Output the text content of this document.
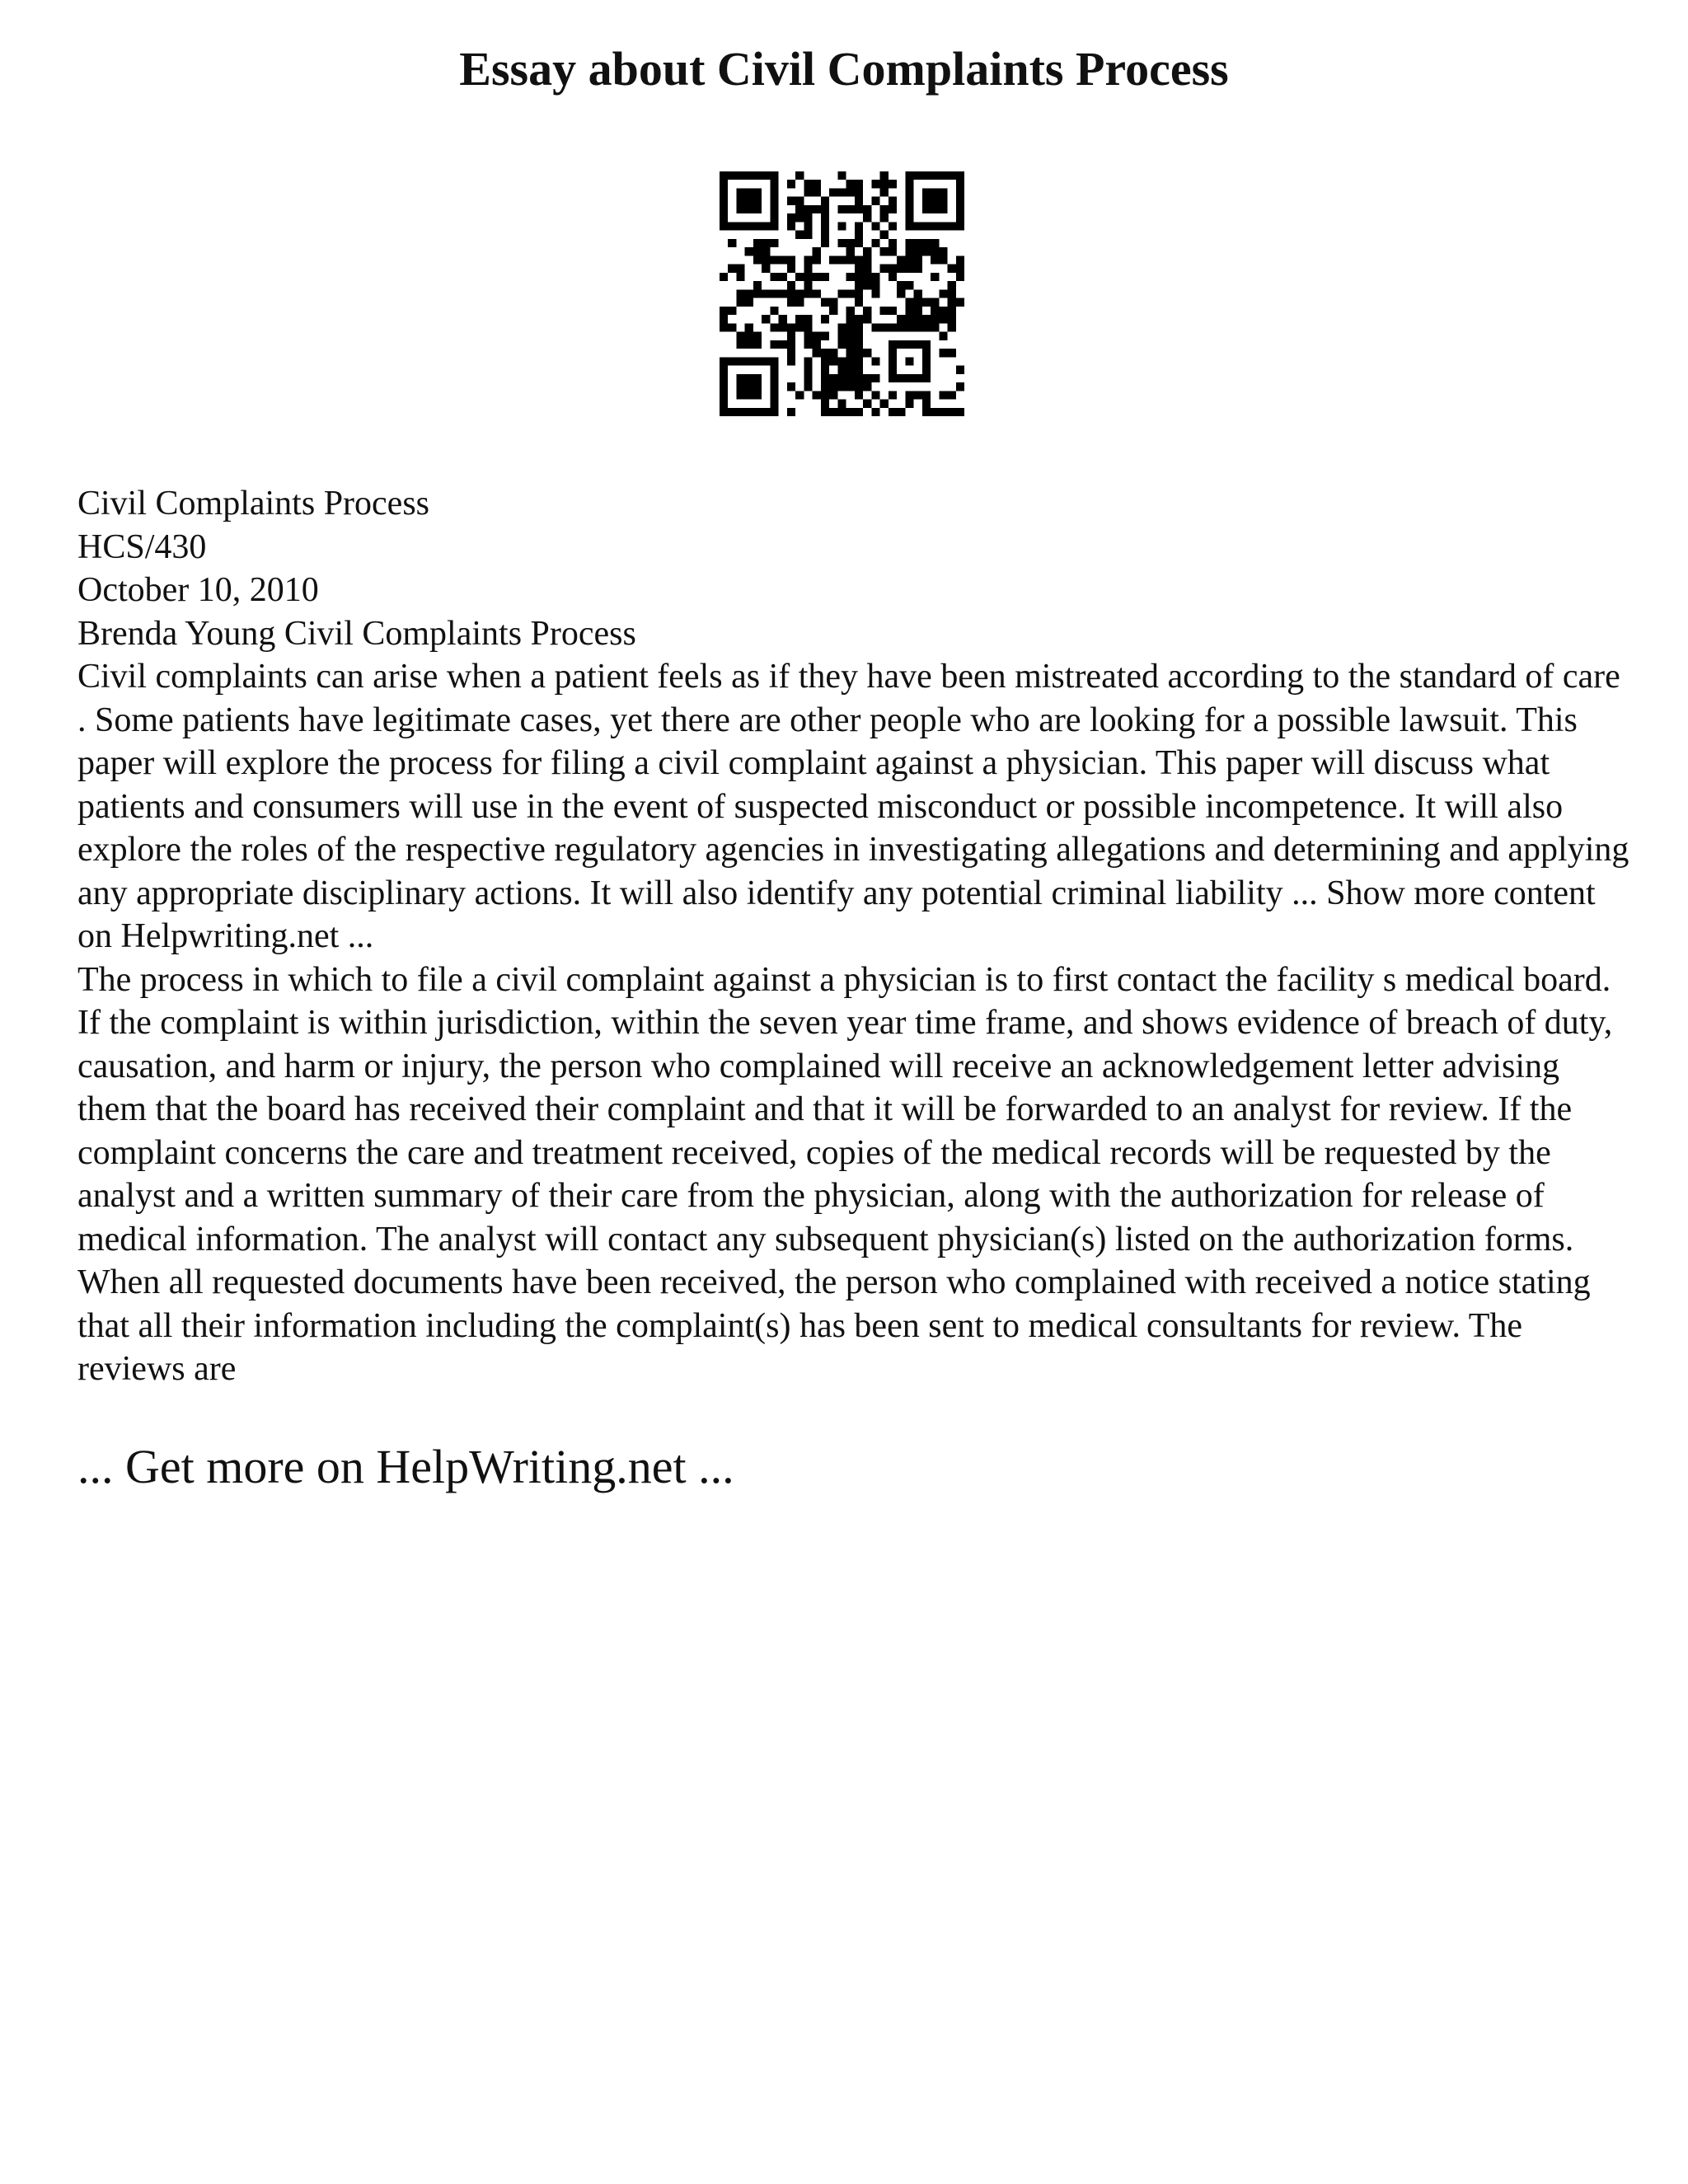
Essay about Civil Complaints Process
Civil Complaints Process
HCS/430
October 10, 2010
Brenda Young Civil Complaints Process

Civil complaints can arise when a patient feels as if they have been mistreated according to the standard of care . Some patients have legitimate cases, yet there are other people who are looking for a possible lawsuit. This paper will explore the process for filing a civil complaint against a physician. This paper will discuss what patients and consumers will use in the event of suspected misconduct or possible incompetence. It will also explore the roles of the respective regulatory agencies in investigating allegations and determining and applying any appropriate disciplinary actions. It will also identify any potential criminal liability ... Show more content on Helpwriting.net ...

The process in which to file a civil complaint against a physician is to first contact the facility s medical board. If the complaint is within jurisdiction, within the seven year time frame, and shows evidence of breach of duty, causation, and harm or injury, the person who complained will receive an acknowledgement letter advising them that the board has received their complaint and that it will be forwarded to an analyst for review. If the complaint concerns the care and treatment received, copies of the medical records will be requested by the analyst and a written summary of their care from the physician, along with the authorization for release of medical information. The analyst will contact any subsequent physician(s) listed on the authorization forms. When all requested documents have been received, the person who complained with received a notice stating that all their information including the complaint(s) has been sent to medical consultants for review. The reviews are

... Get more on HelpWriting.net ...
